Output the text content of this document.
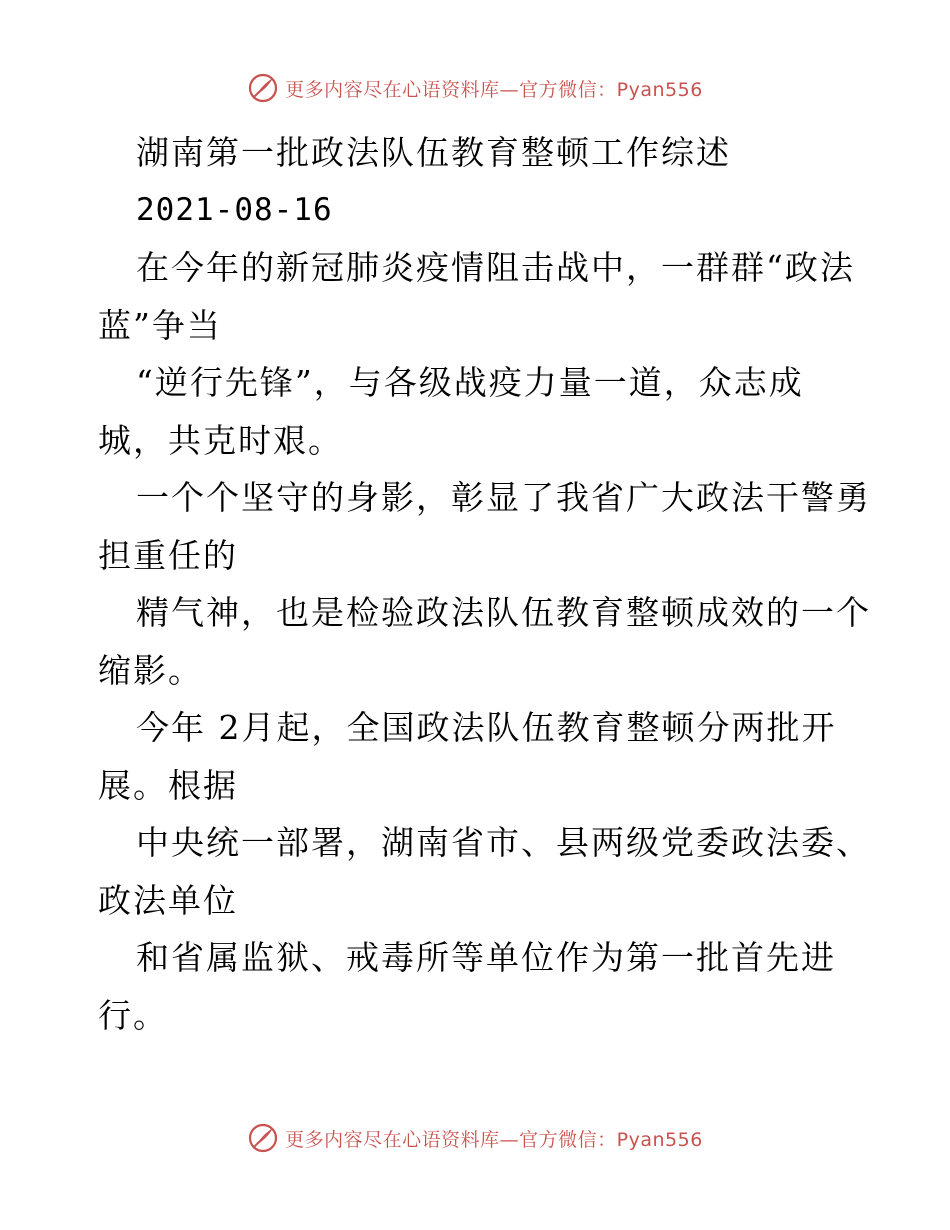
更多内容尽在心语资料库—官方微信：Pyan556
湖南第一批政法队伍教育整顿工作综述
2021-08-16
在今年的新冠肺炎疫情阻击战中，一群群“政法
蓝”争当
“逆行先锋”，与各级战疫力量一道，众志成
城，共克时艰。
一个个坚守的身影，彰显了我省广大政法干警勇
担重任的
精气神，也是检验政法队伍教育整顿成效的一个
缩影。
今年 2月起，全国政法队伍教育整顿分两批开
展。根据
中央统一部署，湖南省市、县两级党委政法委、
政法单位
和省属监狱、戒毒所等单位作为第一批首先进
行。
更多内容尽在心语资料库—官方微信：Pyan556
